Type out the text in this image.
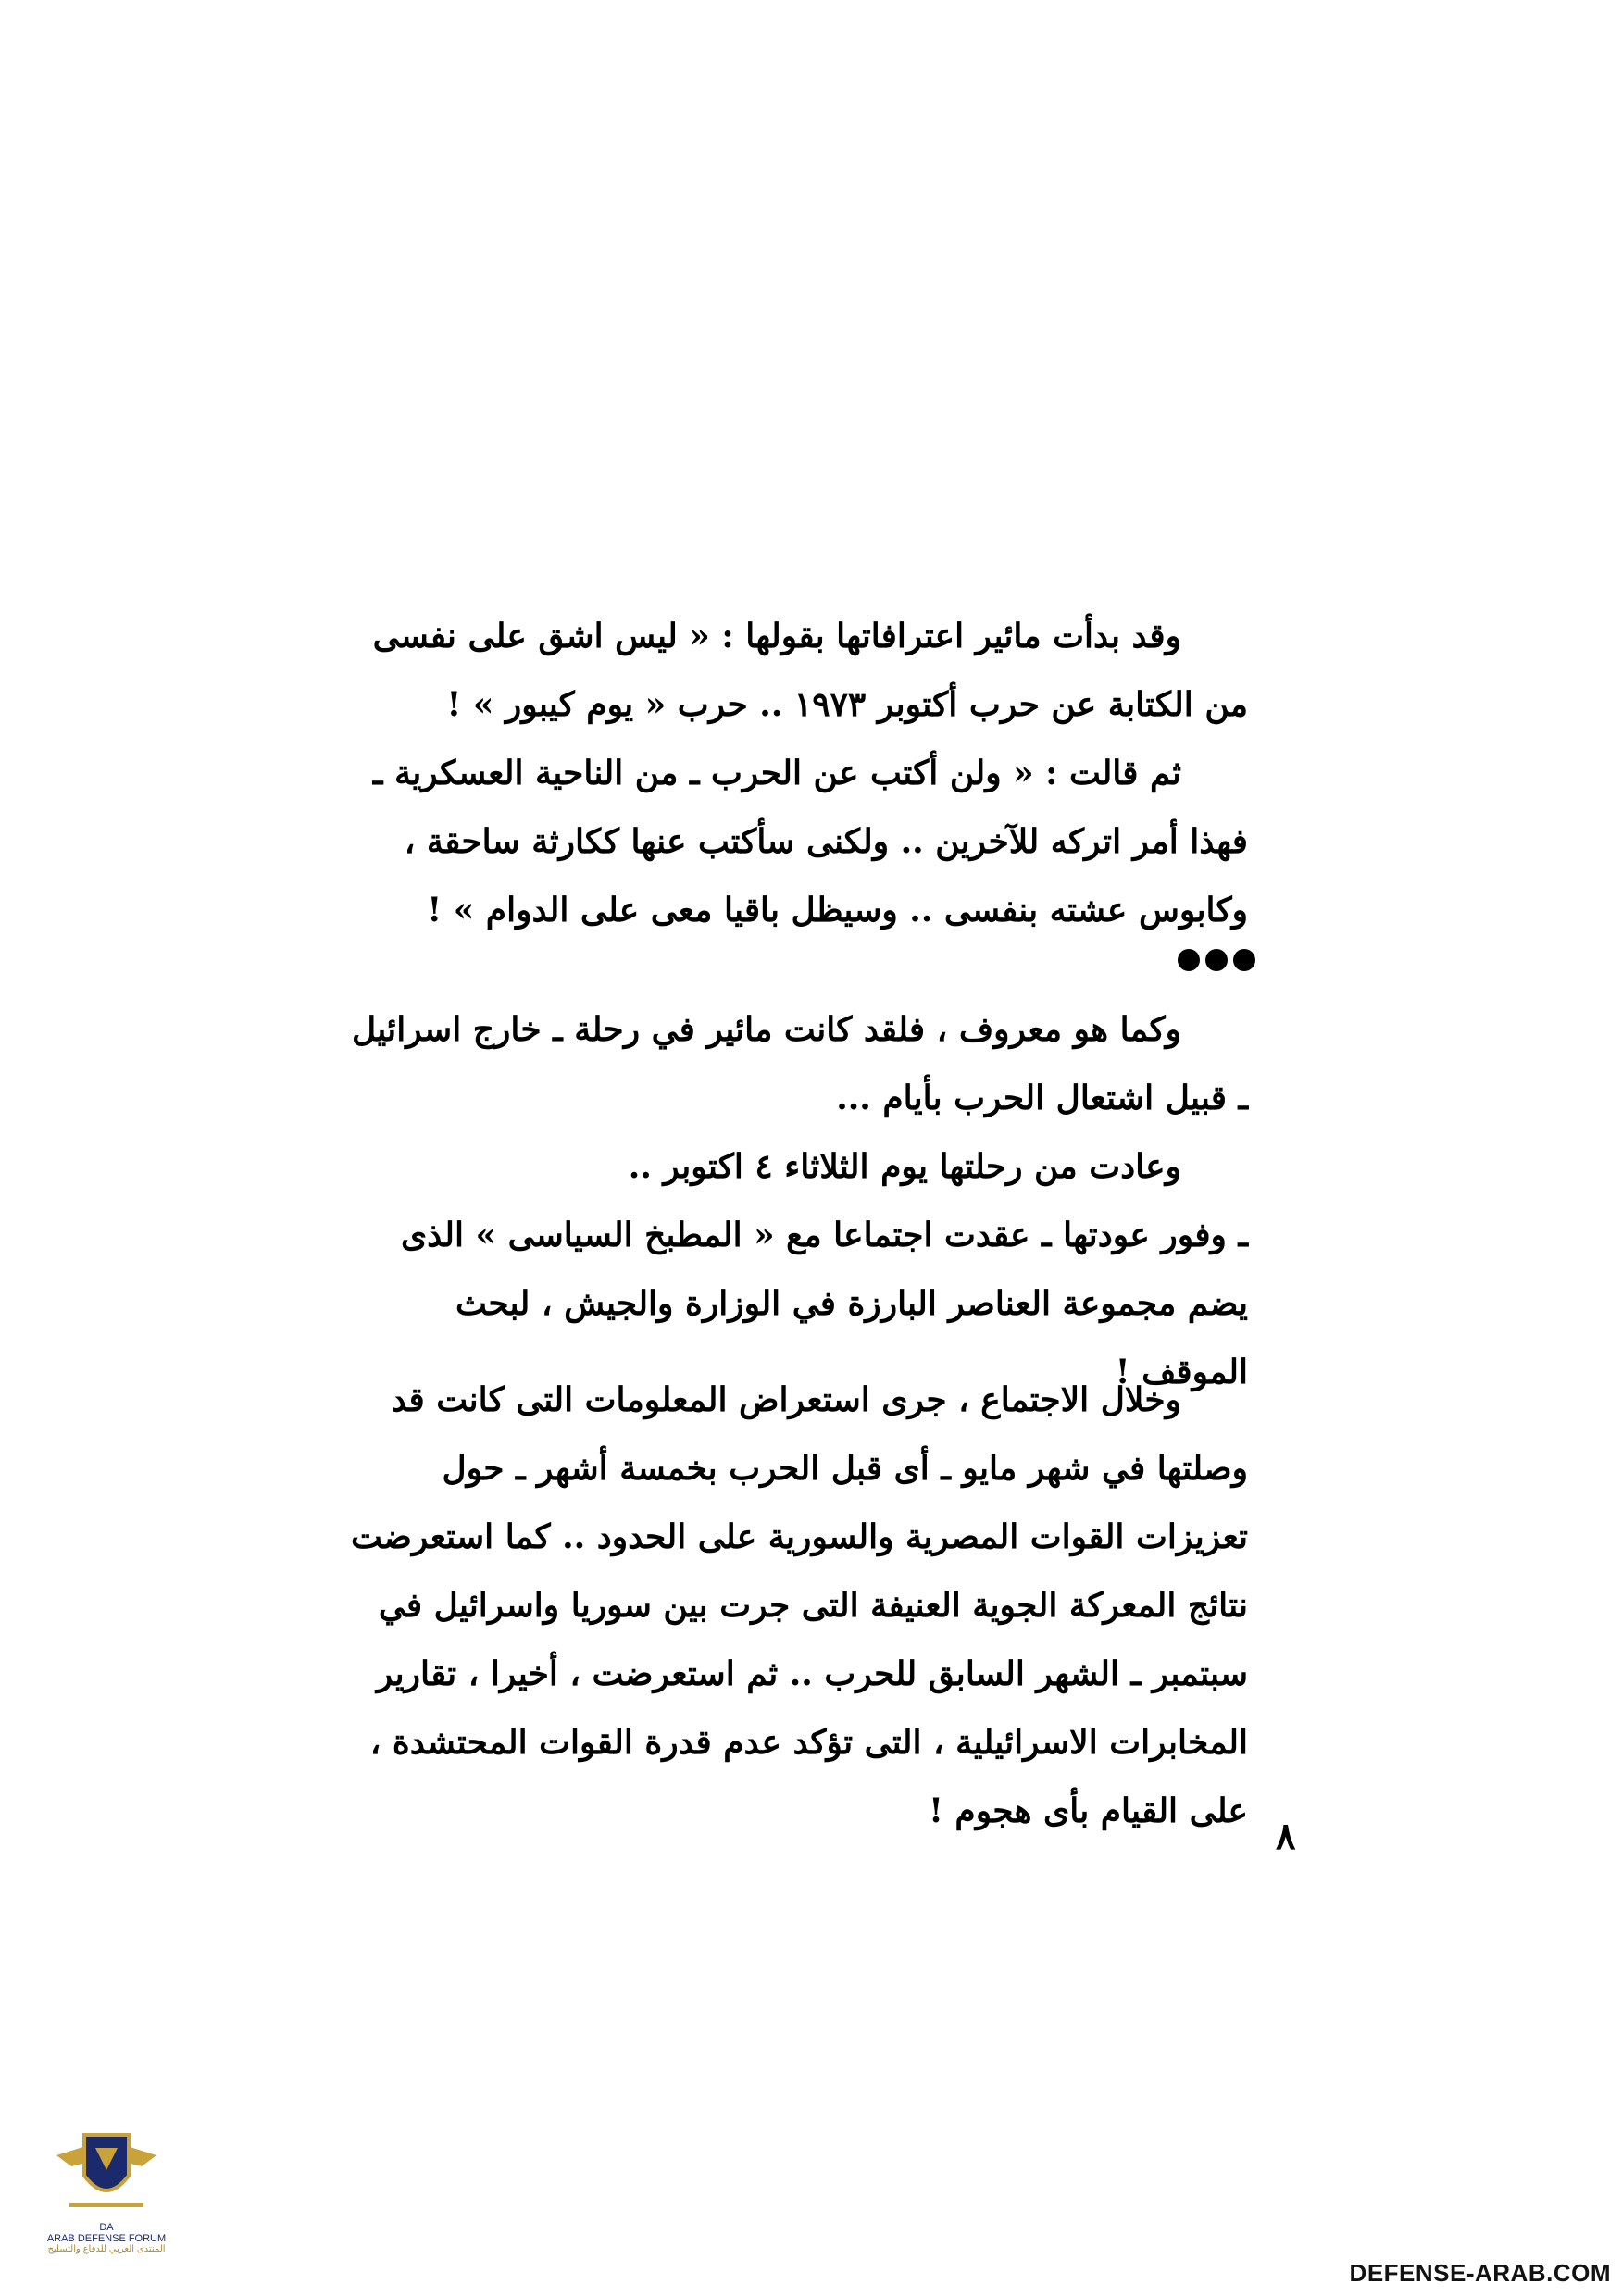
وقد بدأت مائير اعترافاتها بقولها : « ليس اشق على نفسى
من الكتابة عن حرب أكتوبر ١٩٧٣ .. حرب « يوم كيبور » !
ثم قالت : « ولن أكتب عن الحرب ـ من الناحية العسكرية ـ
فهذا أمر اتركه للآخرين .. ولكنى سأكتب عنها ككارثة ساحقة ،
وكابوس عشته بنفسى .. وسيظل باقيا معى على الدوام » !
وكما هو معروف ، فلقد كانت مائير في رحلة ـ خارج اسرائيل
ـ قبيل اشتعال الحرب بأيام ...
وعادت من رحلتها يوم الثلاثاء ٤ اكتوبر ..
ـ وفور عودتها ـ عقدت اجتماعا مع « المطبخ السياسى » الذى
يضم مجموعة العناصر البارزة في الوزارة والجيش ، لبحث
الموقف !
وخلال الاجتماع ، جرى استعراض المعلومات التى كانت قد
وصلتها في شهر مايو ـ أى قبل الحرب بخمسة أشهر ـ حول
تعزيزات القوات المصرية والسورية على الحدود .. كما استعرضت
نتائج المعركة الجوية العنيفة التى جرت بين سوريا واسرائيل في
سبتمبر ـ الشهر السابق للحرب .. ثم استعرضت ، أخيرا ، تقارير
المخابرات الاسرائيلية ، التى تؤكد عدم قدرة القوات المحتشدة ،
على القيام بأى هجوم !
٨
DA
ARAB DEFENSE FORUM
المنتدى العربي للدفاع والتسليح
DEFENSE-ARAB.COM
